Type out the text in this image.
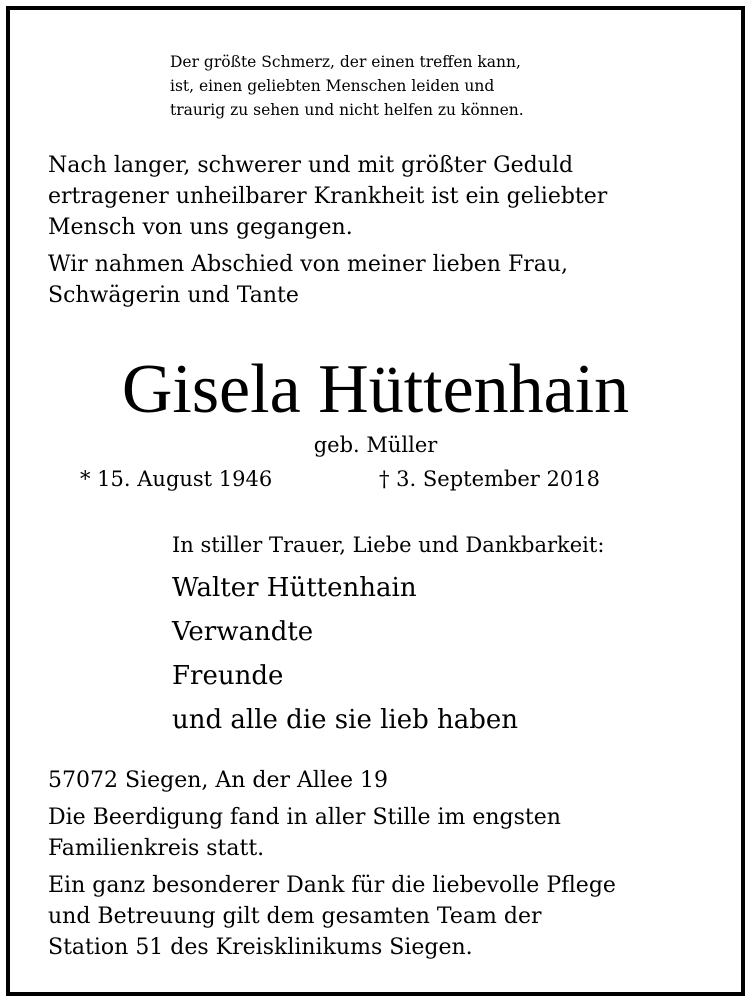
Der größte Schmerz, der einen treffen kann,
ist, einen geliebten Menschen leiden und
traurig zu sehen und nicht helfen zu können.
Nach langer, schwerer und mit größter Geduld
ertragener unheilbarer Krankheit ist ein geliebter
Mensch von uns gegangen.
Wir nahmen Abschied von meiner lieben Frau,
Schwägerin und Tante
Gisela Hüttenhain
geb. Müller
* 15. August 1946	† 3. September 2018
In stiller Trauer, Liebe und Dankbarkeit:
Walter Hüttenhain
Verwandte
Freunde
und alle die sie lieb haben
57072 Siegen, An der Allee 19
Die Beerdigung fand in aller Stille im engsten
Familienkreis statt.
Ein ganz besonderer Dank für die liebevolle Pflege
und Betreuung gilt dem gesamten Team der
Station 51 des Kreisklinikums Siegen.
